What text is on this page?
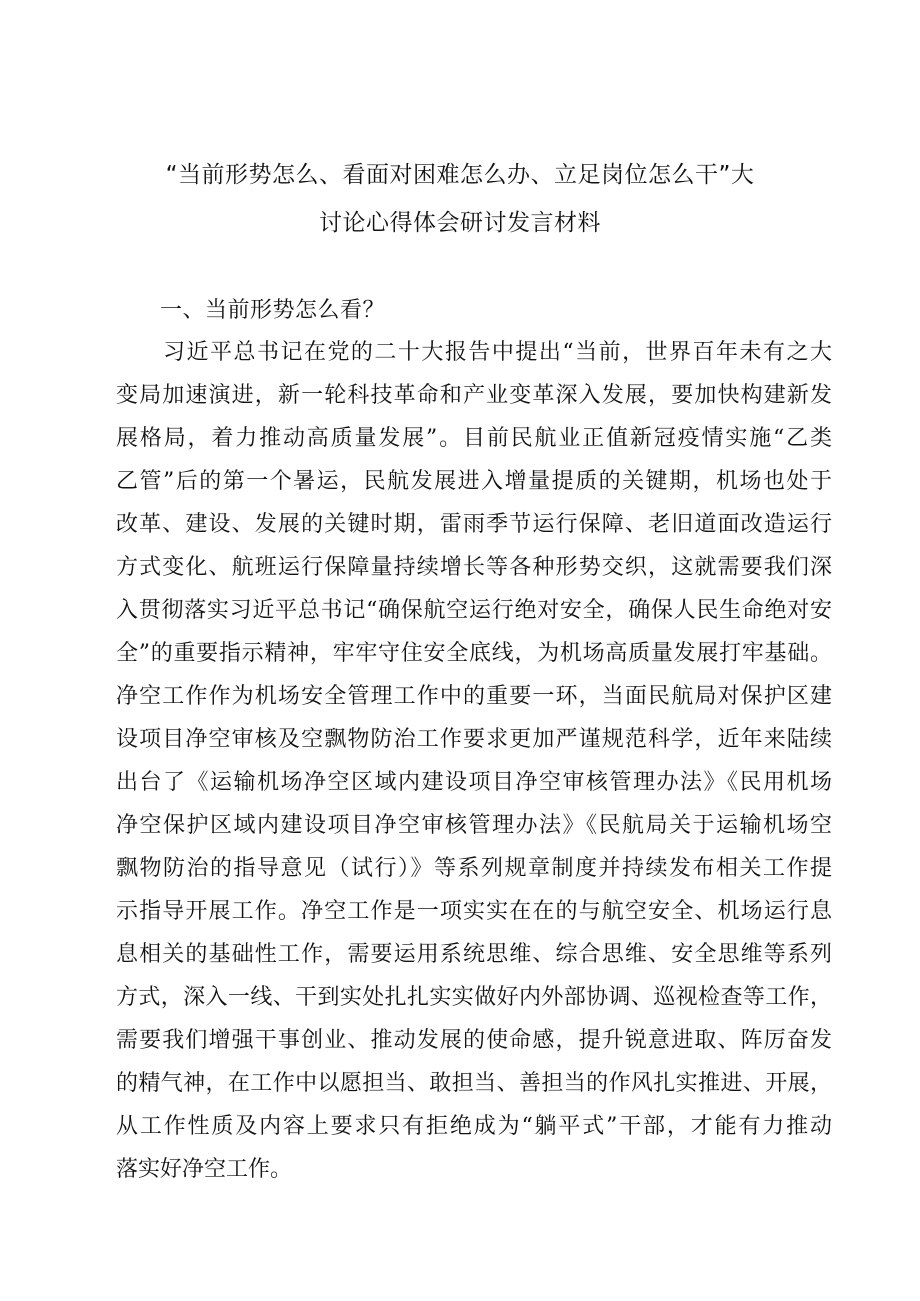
“当前形势怎么、看面对困难怎么办、立足岗位怎么干”大
讨论心得体会研讨发言材料
一、当前形势怎么看？
习近平总书记在党的二十大报告中提出“当前，世界百年未有之大
变局加速演进，新一轮科技革命和产业变革深入发展，要加快构建新发
展格局，着力推动高质量发展”。目前民航业正值新冠疫情实施“乙类
乙管”后的第一个暑运，民航发展进入增量提质的关键期，机场也处于
改革、建设、发展的关键时期，雷雨季节运行保障、老旧道面改造运行
方式变化、航班运行保障量持续增长等各种形势交织，这就需要我们深
入贯彻落实习近平总书记“确保航空运行绝对安全，确保人民生命绝对安
全”的重要指示精神，牢牢守住安全底线，为机场高质量发展打牢基础。
净空工作作为机场安全管理工作中的重要一环，当面民航局对保护区建
设项目净空审核及空飘物防治工作要求更加严谨规范科学，近年来陆续
出台了《运输机场净空区域内建设项目净空审核管理办法》《民用机场
净空保护区域内建设项目净空审核管理办法》《民航局关于运输机场空
飘物防治的指导意见（试行）》等系列规章制度并持续发布相关工作提
示指导开展工作。净空工作是一项实实在在的与航空安全、机场运行息
息相关的基础性工作，需要运用系统思维、综合思维、安全思维等系列
方式，深入一线、干到实处扎扎实实做好内外部协调、巡视检查等工作，
需要我们增强干事创业、推动发展的使命感，提升锐意进取、阵厉奋发
的精气神，在工作中以愿担当、敢担当、善担当的作风扎实推进、开展，
从工作性质及内容上要求只有拒绝成为“躺平式”干部，才能有力推动
落实好净空工作。
